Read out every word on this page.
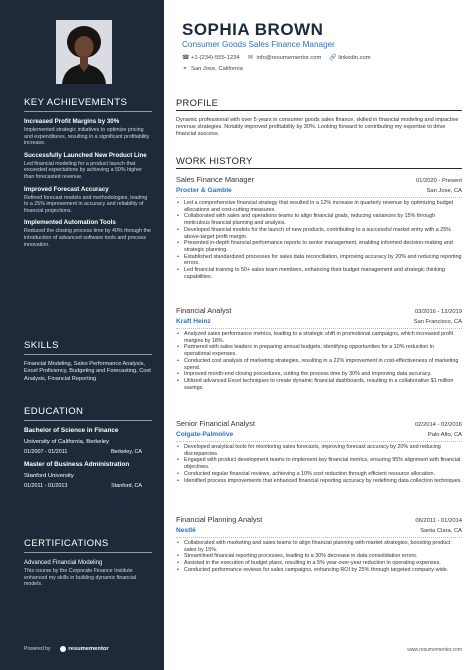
KEY ACHIEVEMENTS
Increased Profit Margins by 30%
Implemented strategic initiatives to optimize pricing and expenditures, resulting in a significant profitability increase.
Successfully Launched New Product Line
Led financial modeling for a product launch that exceeded expectations by achieving a 50% higher than forecasted revenue.
Improved Forecast Accuracy
Refined forecast models and methodologies, leading to a 25% improvement in accuracy and reliability of financial projections.
Implemented Automation Tools
Reduced the closing process time by 40% through the introduction of advanced software tools and process innovation.
SKILLS
Financial Modeling, Sales Performance Analysis, Excel Proficiency, Budgeting and Forecasting, Cost Analysis, Financial Reporting
EDUCATION
Bachelor of Science in Finance
University of California, Berkeley
01/2007 - 01/2011	Berkeley, CA
Master of Business Administration
Stanford University
01/2011 - 01/2013	Stanford, CA
CERTIFICATIONS
Advanced Financial Modeling
This course by the Corporate Finance Institute enhanced my skills in building dynamic financial models.
Powered by	resumementor
SOPHIA BROWN
Consumer Goods Sales Finance Manager
☎ +1-(234)-555-1234 ✉ info@resumementor.com 🔗 linkedin.com
⌖ San Jose, California
PROFILE
Dynamic professional with over 5 years in consumer goods sales finance, skilled in financial modeling and impactive revenue strategies. Notably improved profitability by 30%. Looking forward to contributing my expertise to drive financial success.
WORK HISTORY
Sales Finance Manager	01/2020 - Present
Procter & Gamble	San Jose, CA
• Led a comprehensive financial strategy that resulted in a 12% increase in quarterly revenue by optimizing budget allocations and cost-cutting measures.
• Collaborated with sales and operations teams to align financial goals, reducing variances by 15% through meticulous financial planning and analysis.
• Developed financial models for the launch of new products, contributing to a successful market entry with a 25% above-target profit margin.
• Presented in-depth financial performance reports to senior management, enabling informed decision-making and strategic planning.
• Established standardized processes for sales data reconciliation, improving accuracy by 20% and reducing reporting errors.
• Led financial training to 50+ sales team members, enhancing their budget management and strategic thinking capabilities.
Financial Analyst	03/2016 - 12/2019
Kraft Heinz	San Francisco, CA
• Analyzed sales performance metrics, leading to a strategic shift in promotional campaigns, which increased profit margins by 18%.
• Partnered with sales leaders in preparing annual budgets, identifying opportunities for a 10% reduction in operational expenses.
• Conducted cost analysis of marketing strategies, resulting in a 22% improvement in cost-effectiveness of marketing spend.
• Improved month-end closing procedures, cutting the process time by 30% and improving data accuracy.
• Utilized advanced Excel techniques to create dynamic financial dashboards, resulting in a collaborative $1 million savings.
Senior Financial Analyst	02/2014 - 02/2016
Colgate-Palmolive	Palo Alto, CA
• Developed analytical tools for monitoring sales forecasts, improving forecast accuracy by 20% and reducing discrepancies.
• Engaged with product development teams to implement key financial metrics, ensuring 95% alignment with financial objectives.
• Conducted regular financial reviews, achieving a 10% cost reduction through efficient resource allocation.
• Identified process improvements that enhanced financial reporting accuracy by redefining data collection techniques.
Financial Planning Analyst	06/2011 - 01/2014
Nestlé	Santa Clara, CA
• Collaborated with marketing and sales teams to align financial planning with market strategies, boosting product sales by 15%.
• Streamlined financial reporting processes, leading to a 30% decrease in data consolidation errors.
• Assisted in the execution of budget plans, resulting in a 5% year-over-year reduction in operating expenses.
• Conducted performance reviews for sales campaigns, enhancing ROI by 25% through targeted company-wide.
www.resumementor.com
